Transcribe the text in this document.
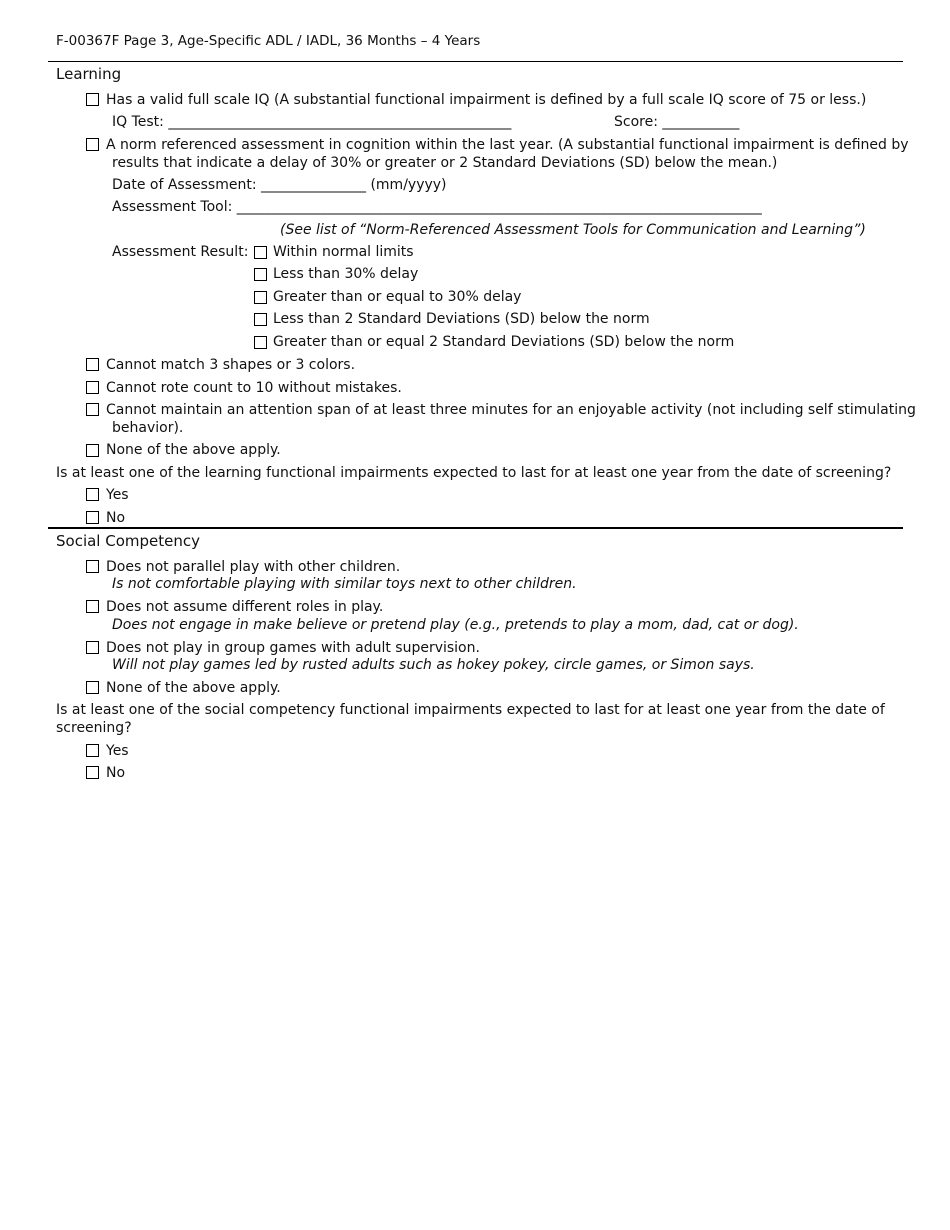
F-00367F Page 3, Age-Specific ADL / IADL, 36 Months – 4 Years
Learning
Has a valid full scale IQ (A substantial functional impairment is defined by a full scale IQ score of 75 or less.)
IQ Test: _________________________________________________	Score: ___________
A norm referenced assessment in cognition within the last year. (A substantial functional impairment is defined by
results that indicate a delay of 30% or greater or 2 Standard Deviations (SD) below the mean.)
Date of Assessment: _______________ (mm/yyyy)
Assessment Tool: ___________________________________________________________________________
(See list of “Norm-Referenced Assessment Tools for Communication and Learning”)
Assessment Result: Within normal limits
Less than 30% delay
Greater than or equal to 30% delay
Less than 2 Standard Deviations (SD) below the norm
Greater than or equal 2 Standard Deviations (SD) below the norm
Cannot match 3 shapes or 3 colors.
Cannot rote count to 10 without mistakes.
Cannot maintain an attention span of at least three minutes for an enjoyable activity (not including self stimulating
behavior).
None of the above apply.
Is at least one of the learning functional impairments expected to last for at least one year from the date of screening?
Yes
No
Social Competency
Does not parallel play with other children.
Is not comfortable playing with similar toys next to other children.
Does not assume different roles in play.
Does not engage in make believe or pretend play (e.g., pretends to play a mom, dad, cat or dog).
Does not play in group games with adult supervision.
Will not play games led by rusted adults such as hokey pokey, circle games, or Simon says.
None of the above apply.
Is at least one of the social competency functional impairments expected to last for at least one year from the date of
screening?
Yes
No
